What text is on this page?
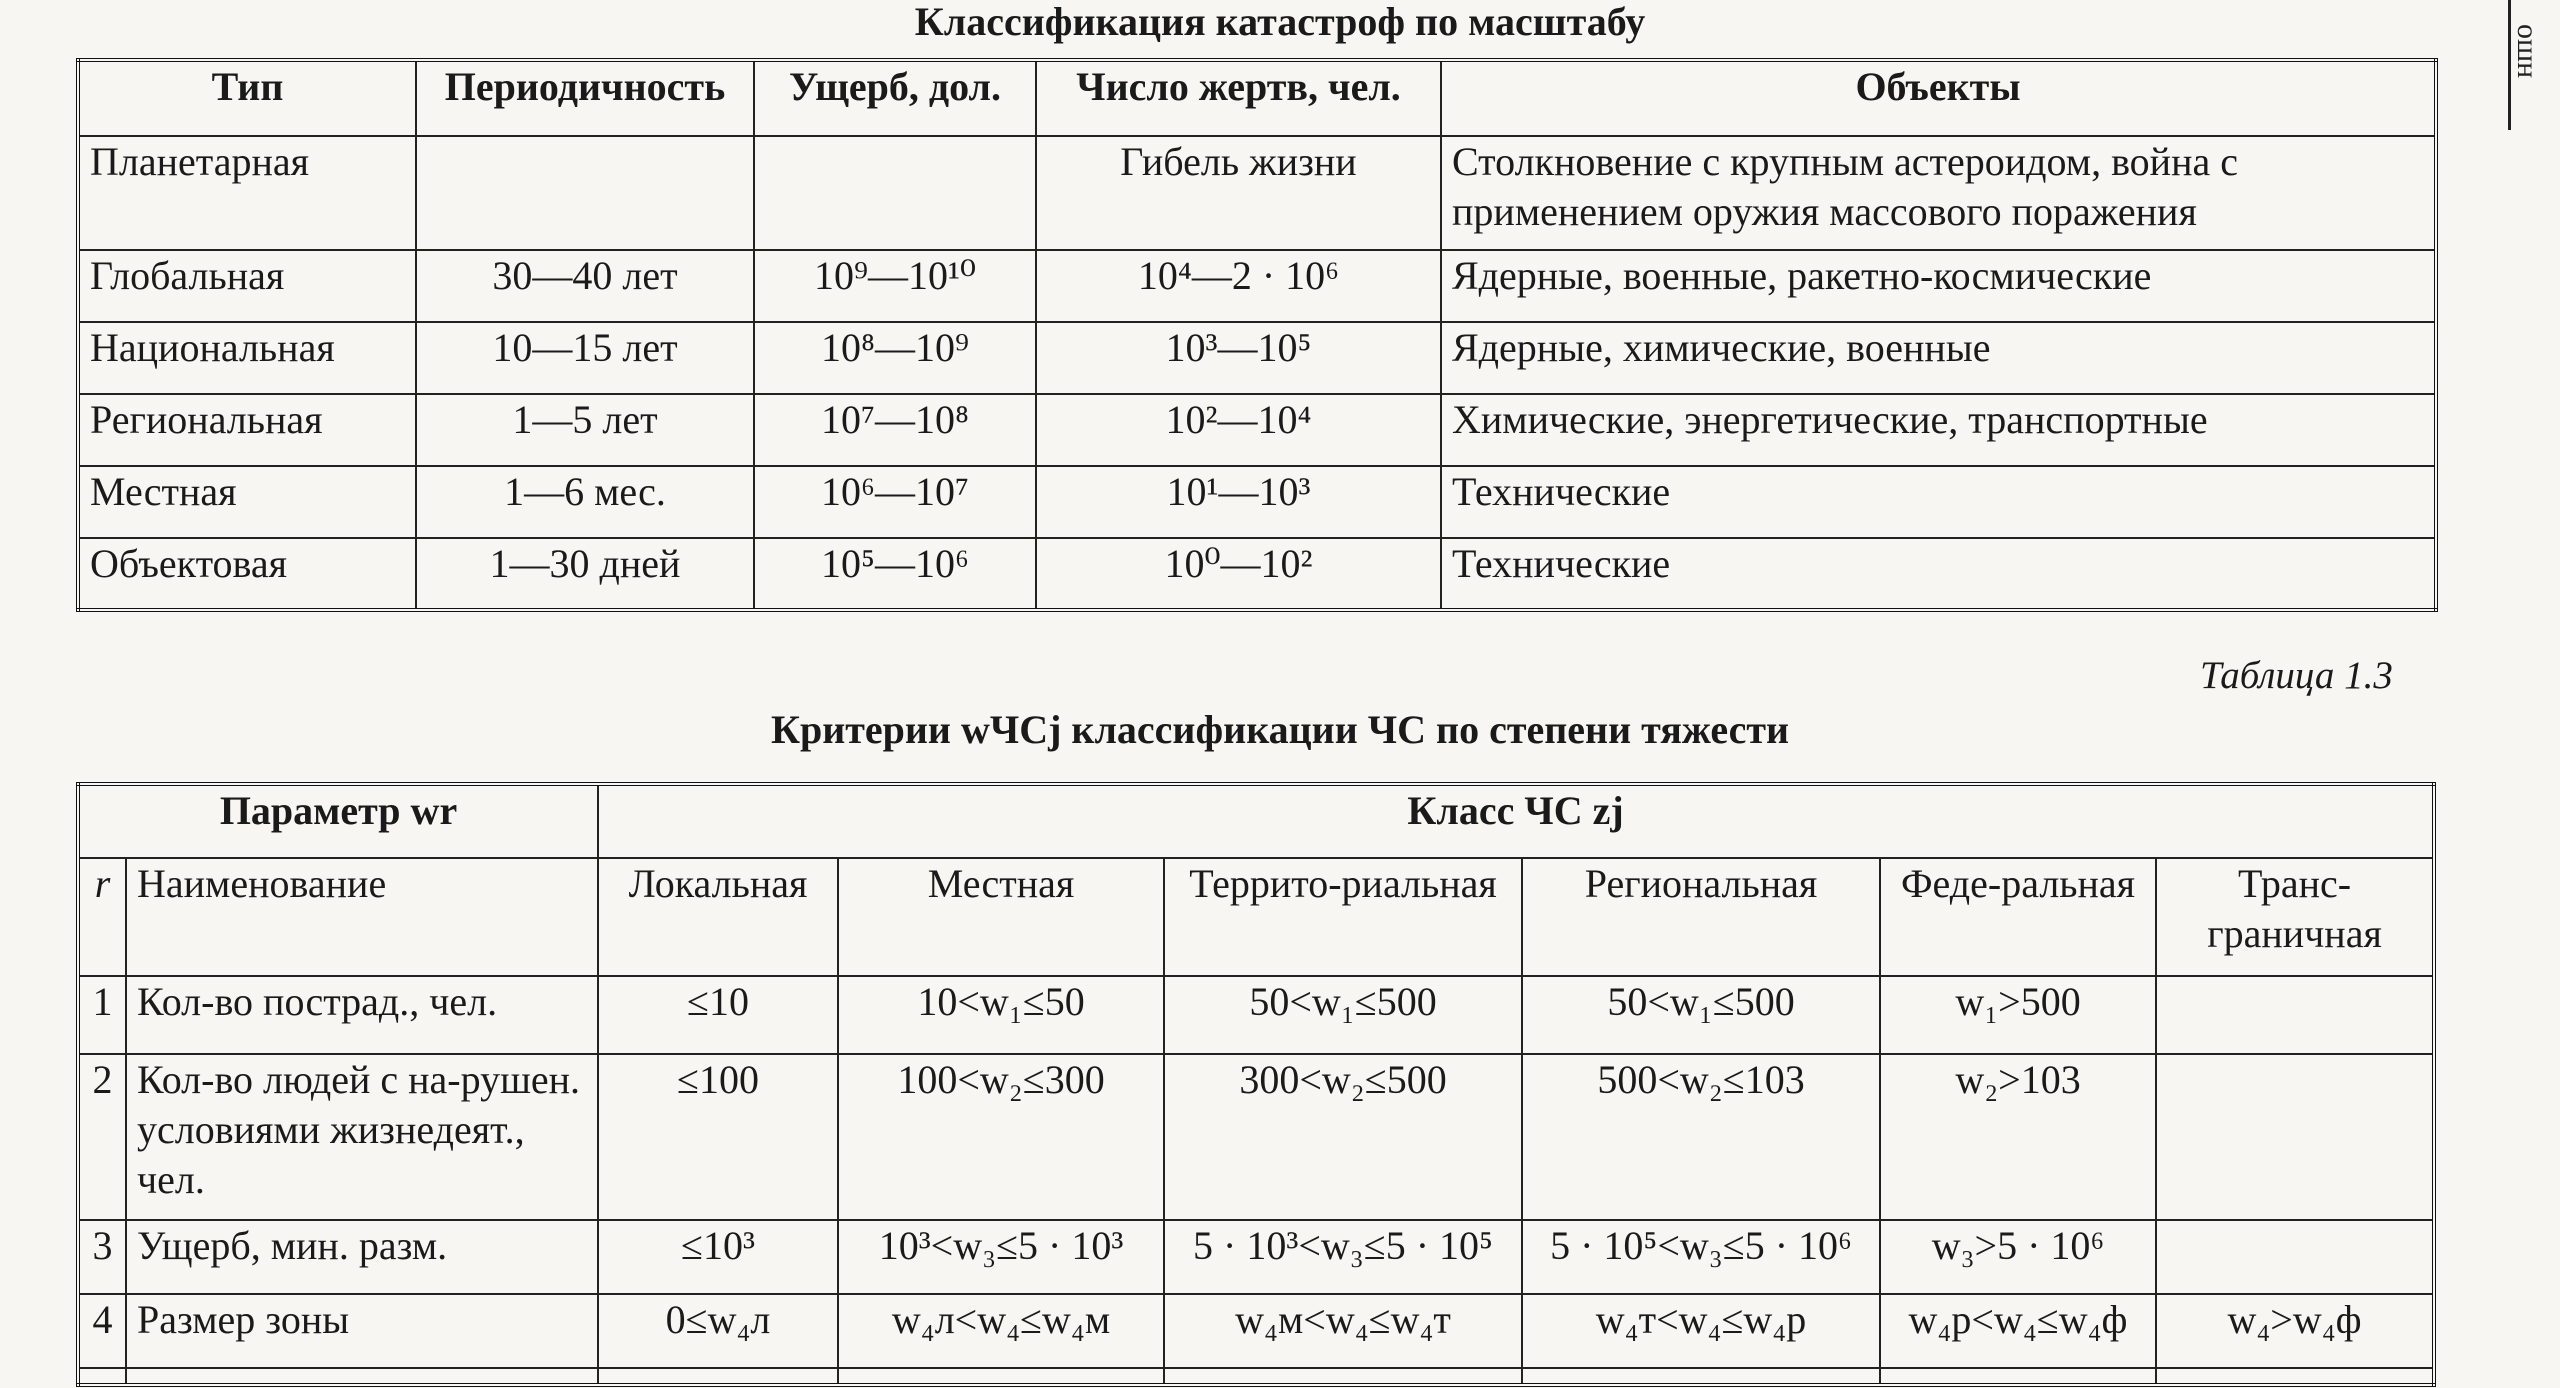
Классификация катастроф по масштабу
Тип	Периодичность	Ущерб, дол.	Число жертв, чел.	Объекты
Планетарная			Гибель жизни	Столкновение с крупным астероидом, война с применением оружия массового поражения
Глобальная	30—40 лет	10⁹—10¹⁰	10⁴—2 · 10⁶	Ядерные, военные, ракетно-космические
Национальная	10—15 лет	10⁸—10⁹	10³—10⁵	Ядерные, химические, военные
Региональная	1—5 лет	10⁷—10⁸	10²—10⁴	Химические, энергетические, транспортные
Местная	1—6 мес.	10⁶—10⁷	10¹—10³	Технические
Объектовая	1—30 дней	10⁵—10⁶	10⁰—10²	Технические
Таблица 1.3
Критерии wЧСj классификации ЧС по степени тяжести
Параметр wr		Класс ЧС zj					
r	Наименование	Локальная	Местная	Террито-риальная	Региональная	Феде-ральная	Транс-граничная
1	Кол-во пострад., чел.	≤10	10<w₁≤50	50<w₁≤500	50<w₁≤500	w₁>500	
2	Кол-во людей с на-рушен. условиями жизнедеят., чел.	≤100	100<w₂≤300	300<w₂≤500	500<w₂≤103	w₂>103	
3	Ущерб, мин. разм.	≤10³	10³<w₃≤5 · 10³	5 · 10³<w₃≤5 · 10⁵	5 · 10⁵<w₃≤5 · 10⁶	w₃>5 · 10⁶	
4	Размер зоны	0≤w₄л	w₄л<w₄≤w₄м	w₄м<w₄≤w₄т	w₄т<w₄≤w₄р	w₄р<w₄≤w₄ф	w₄>w₄ф

ошн
